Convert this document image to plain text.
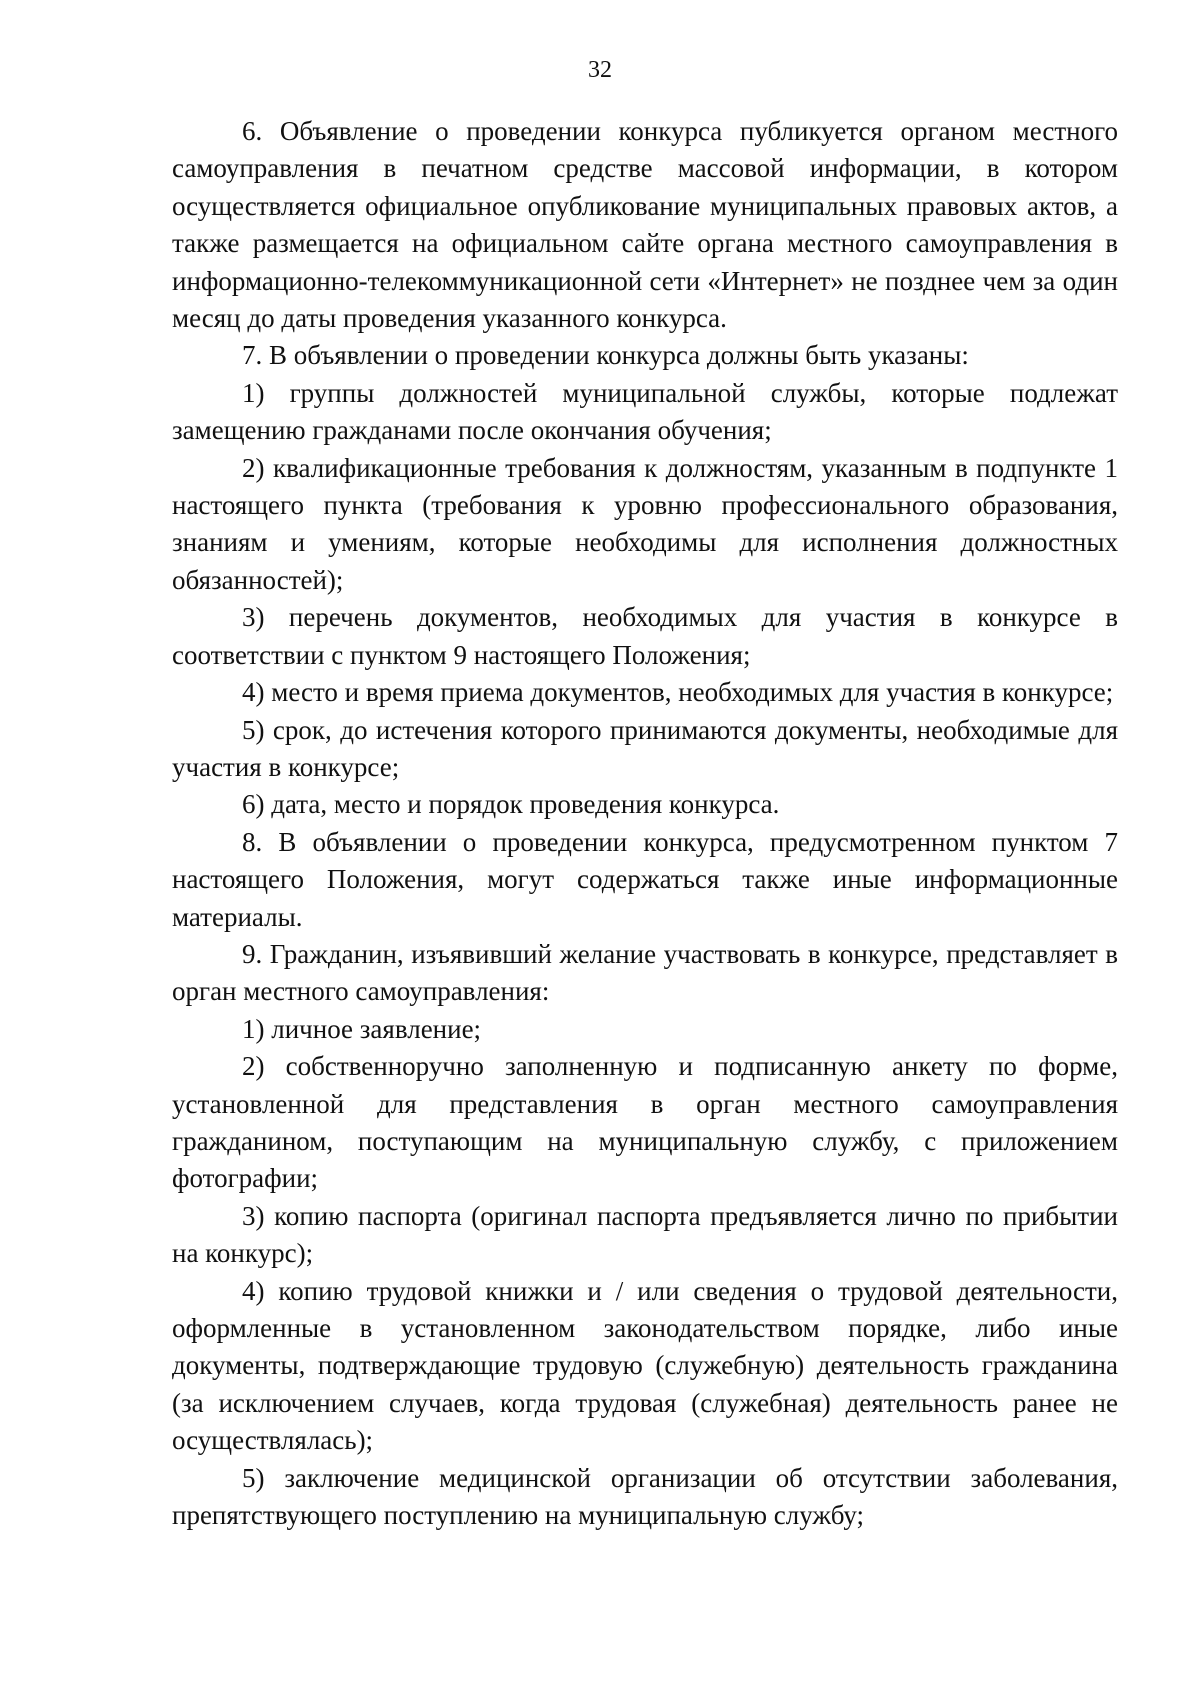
32

6. Объявление о проведении конкурса публикуется органом местного самоуправления в печатном средстве массовой информации, в котором осуществляется официальное опубликование муниципальных правовых актов, а также размещается на официальном сайте органа местного самоуправления в информационно-телекоммуникационной сети «Интернет» не позднее чем за один месяц до даты проведения указанного конкурса.

7. В объявлении о проведении конкурса должны быть указаны:

1) группы должностей муниципальной службы, которые подлежат замещению гражданами после окончания обучения;

2) квалификационные требования к должностям, указанным в подпункте 1 настоящего пункта (требования к уровню профессионального образования, знаниям и умениям, которые необходимы для исполнения должностных обязанностей);

3) перечень документов, необходимых для участия в конкурсе в соответствии с пунктом 9 настоящего Положения;

4) место и время приема документов, необходимых для участия в конкурсе;

5) срок, до истечения которого принимаются документы, необходимые для участия в конкурсе;

6) дата, место и порядок проведения конкурса.

8. В объявлении о проведении конкурса, предусмотренном пунктом 7 настоящего Положения, могут содержаться также иные информационные материалы.

9. Гражданин, изъявивший желание участвовать в конкурсе, представляет в орган местного самоуправления:

1) личное заявление;

2) собственноручно заполненную и подписанную анкету по форме, установленной для представления в орган местного самоуправления гражданином, поступающим на муниципальную службу, с приложением фотографии;

3) копию паспорта (оригинал паспорта предъявляется лично по прибытии на конкурс);

4) копию трудовой книжки и / или сведения о трудовой деятельности, оформленные в установленном законодательством порядке, либо иные документы, подтверждающие трудовую (служебную) деятельность гражданина (за исключением случаев, когда трудовая (служебная) деятельность ранее не осуществлялась);

5) заключение медицинской организации об отсутствии заболевания, препятствующего поступлению на муниципальную службу;
